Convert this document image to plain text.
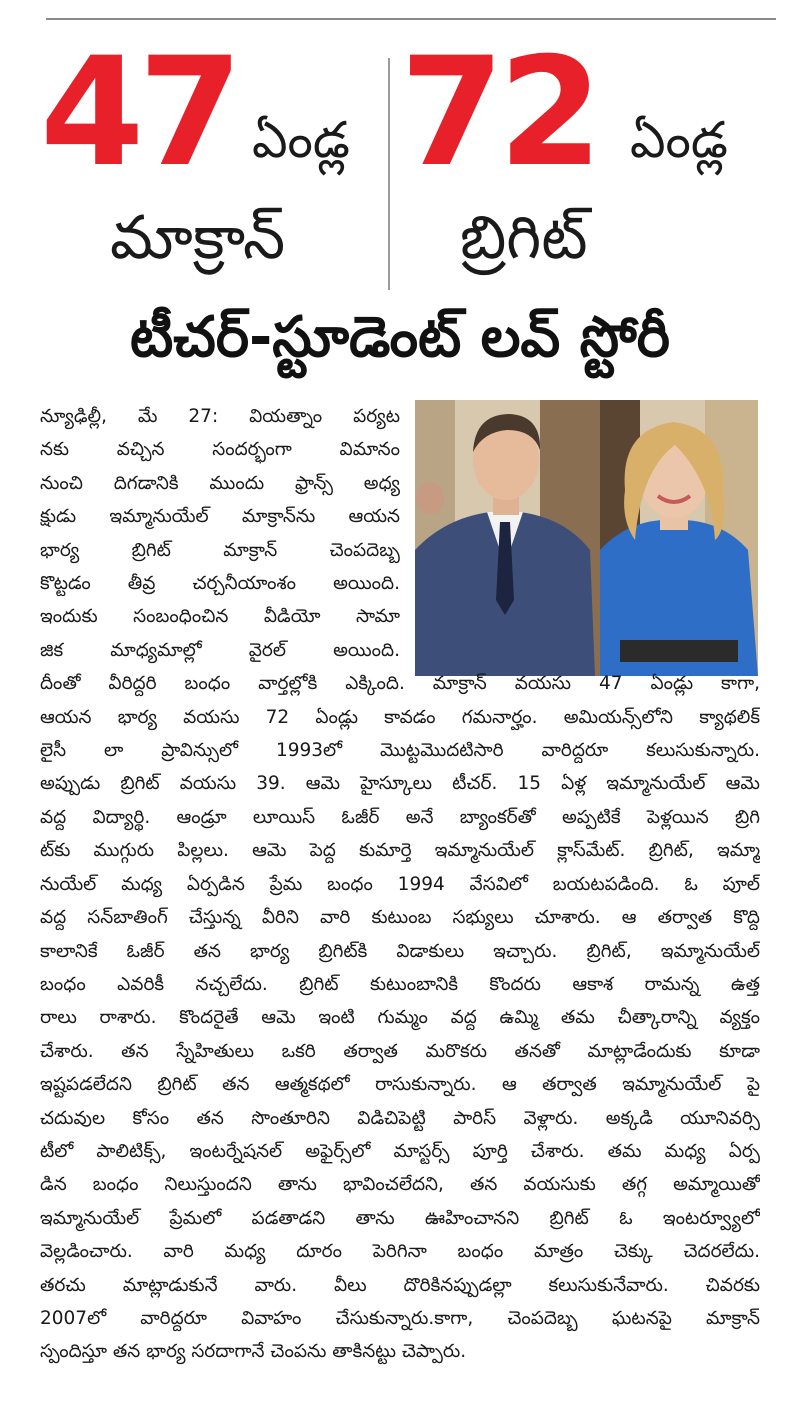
47 ఏండ్ల
మాక్రాన్
72 ఏండ్ల
బ్రిగిట్
టీచర్-స్టూడెంట్ లవ్ స్టోరీ
న్యూఢిల్లీ, మే 27: వియత్నాం పర్యట
నకు వచ్చిన సందర్భంగా విమానం
నుంచి దిగడానికి ముందు ఫ్రాన్స్ అధ్య
క్షుడు ఇమ్మానుయేల్ మాక్రాన్‌ను ఆయన
భార్య బ్రిగిట్ మాక్రాన్ చెంపదెబ్బ
కొట్టడం తీవ్ర చర్చనీయాంశం అయింది.
ఇందుకు సంబంధించిన వీడియో సామా
జిక మాధ్యమాల్లో వైరల్ అయింది.
దీంతో వీరిద్దరి బంధం వార్తల్లోకి ఎక్కింది. మాక్రాన్ వయసు 47 ఏండ్లు కాగా,
ఆయన భార్య వయసు 72 ఏండ్లు కావడం గమనార్హం. అమియన్స్‌లోని క్యాథలిక్
లైసీ లా ప్రావిన్సులో 1993లో మొట్టమొదటిసారి వారిద్దరూ కలుసుకున్నారు.
అప్పుడు బ్రిగిట్ వయసు 39. ఆమె హైస్కూలు టీచర్. 15 ఏళ్ల ఇమ్మానుయేల్ ఆమె
వద్ద విద్యార్థి. ఆండ్రూ లూయిస్ ఓజీర్ అనే బ్యాంకర్‌తో అప్పటికే పెళ్లయిన బ్రిగి
ట్‌కు ముగ్గురు పిల్లలు. ఆమె పెద్ద కుమార్తె ఇమ్మానుయేల్ క్లాస్‌మేట్. బ్రిగిట్, ఇమ్మా
నుయేల్ మధ్య ఏర్పడిన ప్రేమ బంధం 1994 వేసవిలో బయటపడింది. ఓ పూల్
వద్ద సన్‌బాతింగ్ చేస్తున్న వీరిని వారి కుటుంబ సభ్యులు చూశారు. ఆ తర్వాత కొద్ది
కాలానికే ఓజీర్ తన భార్య బ్రిగిట్‌కి విడాకులు ఇచ్చారు. బ్రిగిట్, ఇమ్మానుయేల్
బంధం ఎవరికీ నచ్చలేదు. బ్రిగిట్ కుటుంబానికి కొందరు ఆకాశ రామన్న ఉత్త
రాలు రాశారు. కొందరైతే ఆమె ఇంటి గుమ్మం వద్ద ఉమ్మి తమ చీత్కారాన్ని వ్యక్తం
చేశారు. తన స్నేహితులు ఒకరి తర్వాత మరొకరు తనతో మాట్లాడేందుకు కూడా
ఇష్టపడలేదని బ్రిగిట్ తన ఆత్మకథలో రాసుకున్నారు. ఆ తర్వాత ఇమ్మానుయేల్ పై
చదువుల కోసం తన సొంతూరిని విడిచిపెట్టి పారిస్ వెళ్లారు. అక్కడి యూనివర్సి
టీలో పాలిటిక్స్, ఇంటర్నేషనల్ అఫైర్స్‌లో మాస్టర్స్ పూర్తి చేశారు. తమ మధ్య ఏర్ప
డిన బంధం నిలుస్తుందని తాను భావించలేదని, తన వయసుకు తగ్గ అమ్మాయితో
ఇమ్మానుయేల్ ప్రేమలో పడతాడని తాను ఊహించానని బ్రిగిట్ ఓ ఇంటర్వ్యూలో
వెల్లడించారు. వారి మధ్య దూరం పెరిగినా బంధం మాత్రం చెక్కు చెదరలేదు.
తరచు మాట్లాడుకునే వారు. వీలు దొరికినప్పుడల్లా కలుసుకునేవారు. చివరకు
2007లో వారిద్దరూ వివాహం చేసుకున్నారు.కాగా, చెంపదెబ్బ ఘటనపై మాక్రాన్
స్పందిస్తూ తన భార్య సరదాగానే చెంపను తాకినట్టు చెప్పారు.
